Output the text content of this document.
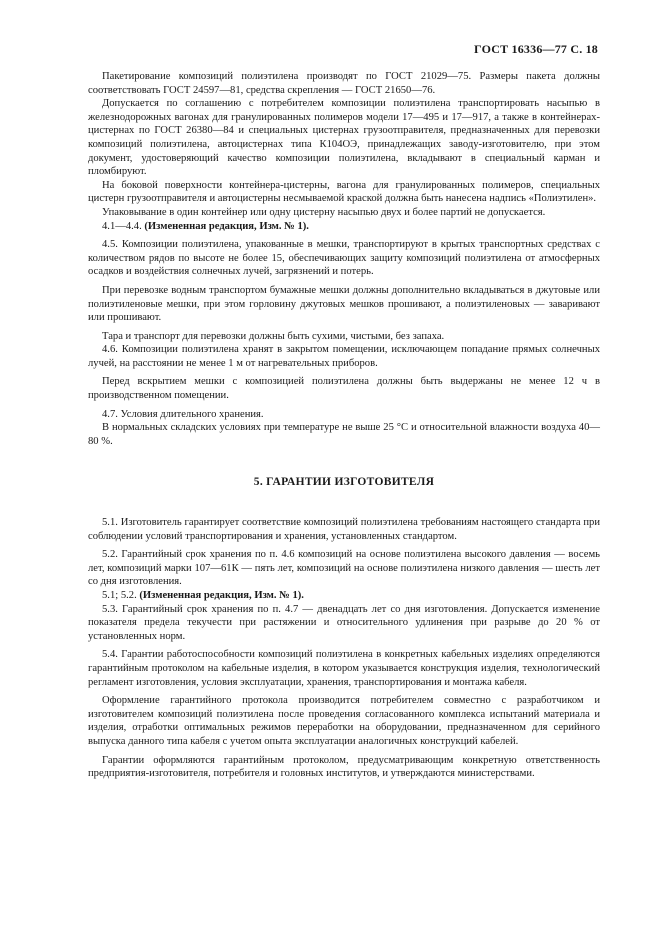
ГОСТ 16336—77 С. 18

Пакетирование композиций полиэтилена производят по ГОСТ 21029—75. Размеры пакета должны соответствовать ГОСТ 24597—81, средства скрепления — ГОСТ 21650—76.

Допускается по соглашению с потребителем композиции полиэтилена транспортировать насыпью в железнодорожных вагонах для гранулированных полимеров модели 17—495 и 17—917, а также в контейнерах-цистернах по ГОСТ 26380—84 и специальных цистернах грузоотправителя, предназначенных для перевозки композиций полиэтилена, автоцистернах типа К104ОЭ, принадлежащих заводу-изготовителю, при этом документ, удостоверяющий качество композиции полиэтилена, вкладывают в специальный карман и пломбируют.

На боковой поверхности контейнера-цистерны, вагона для гранулированных полимеров, специальных цистерн грузоотправителя и автоцистерны несмываемой краской должна быть нанесена надпись «Полиэтилен».

Упаковывание в один контейнер или одну цистерну насыпью двух и более партий не допускается.

4.1—4.4. (Измененная редакция, Изм. № 1).

4.5. Композиции полиэтилена, упакованные в мешки, транспортируют в крытых транспортных средствах с количеством рядов по высоте не более 15, обеспечивающих защиту композиций полиэтилена от атмосферных осадков и воздействия солнечных лучей, загрязнений и потерь.

При перевозке водным транспортом бумажные мешки должны дополнительно вкладываться в джутовые или полиэтиленовые мешки, при этом горловину джутовых мешков прошивают, а полиэтиленовых — заваривают или прошивают.

Тара и транспорт для перевозки должны быть сухими, чистыми, без запаха.

4.6. Композиции полиэтилена хранят в закрытом помещении, исключающем попадание прямых солнечных лучей, на расстоянии не менее 1 м от нагревательных приборов.

Перед вскрытием мешки с композицией полиэтилена должны быть выдержаны не менее 12 ч в производственном помещении.

4.7. Условия длительного хранения.

В нормальных складских условиях при температуре не выше 25 °С и относительной влажности воздуха 40—80 %.

5. ГАРАНТИИ ИЗГОТОВИТЕЛЯ

5.1. Изготовитель гарантирует соответствие композиций полиэтилена требованиям настоящего стандарта при соблюдении условий транспортирования и хранения, установленных стандартом.

5.2. Гарантийный срок хранения по п. 4.6 композиций на основе полиэтилена высокого давления — восемь лет, композиций марки 107—61К — пять лет, композиций на основе полиэтилена низкого давления — шесть лет со дня изготовления.

5.1; 5.2. (Измененная редакция, Изм. № 1).

5.3. Гарантийный срок хранения по п. 4.7 — двенадцать лет со дня изготовления. Допускается изменение показателя предела текучести при растяжении и относительного удлинения при разрыве до 20 % от установленных норм.

5.4. Гарантии работоспособности композиций полиэтилена в конкретных кабельных изделиях определяются гарантийным протоколом на кабельные изделия, в котором указывается конструкция изделия, технологический регламент изготовления, условия эксплуатации, хранения, транспортирования и монтажа кабеля.

Оформление гарантийного протокола производится потребителем совместно с разработчиком и изготовителем композиций полиэтилена после проведения согласованного комплекса испытаний материала и изделия, отработки оптимальных режимов переработки на оборудовании, предназначенном для серийного выпуска данного типа кабеля с учетом опыта эксплуатации аналогичных конструкций кабелей.

Гарантии оформляются гарантийным протоколом, предусматривающим конкретную ответственность предприятия-изготовителя, потребителя и головных институтов, и утверждаются министерствами.
